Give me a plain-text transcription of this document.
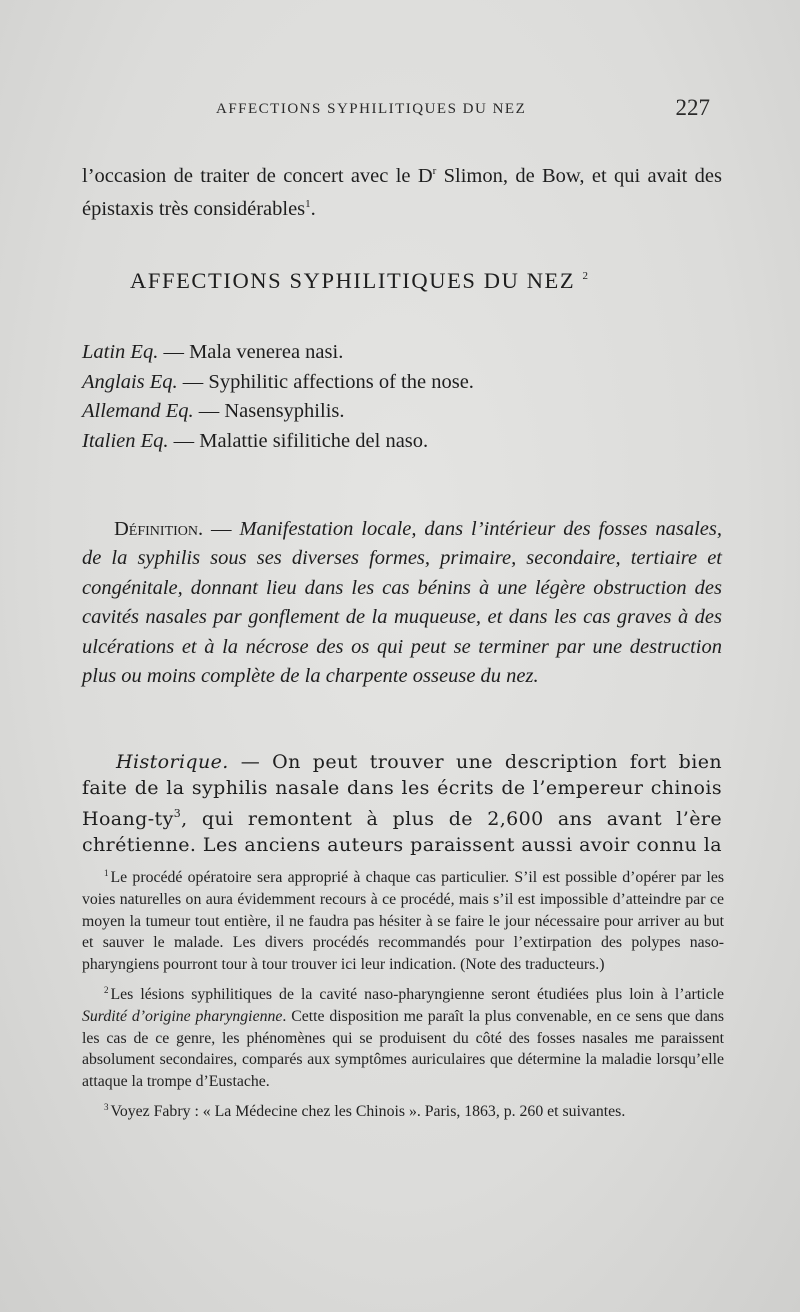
AFFECTIONS SYPHILITIQUES DU NEZ	227

l’occasion de traiter de concert avec le $D^r$ Slimon, de Bow, et qui avait des épistaxis très considérables$^1$.

AFFECTIONS SYPHILITIQUES DU NEZ $^2$
Latin Eq. — Mala venerea nasi.
Anglais Eq. — Syphilitic affections of the nose.
Allemand Eq. — Nasensyphilis.
Italien Eq. — Malattie sifilitiche del naso.

Définition. — Manifestation locale, dans l’intérieur des fosses nasales, de la syphilis sous ses diverses formes, primaire, secondaire, tertiaire et congénitale, donnant lieu dans les cas bénins à une légère obstruction des cavités nasales par gonflement de la muqueuse, et dans les cas graves à des ulcérations et à la nécrose des os qui peut se terminer par une destruction plus ou moins complète de la charpente osseuse du nez.

Historique. — On peut trouver une description fort bien faite de la syphilis nasale dans les écrits de l’empereur chinois Hoang-$ty^3$, qui remontent à plus de 2,600 ans avant l’ère chrétienne. Les anciens auteurs paraissent aussi avoir connu la

$^1$ Le procédé opératoire sera approprié à chaque cas particulier. S’il est possible d’opérer par les voies naturelles on aura évidemment recours à ce procédé, mais s’il est impossible d’atteindre par ce moyen la tumeur tout entière, il ne faudra pas hésiter à se faire le jour nécessaire pour arriver au but et sauver le malade. Les divers procédés recommandés pour l’extirpation des polypes naso-pharyngiens pourront tour à tour trouver ici leur indication. (Note des traducteurs.)

$^2$ Les lésions syphilitiques de la cavité naso-pharyngienne seront étudiées plus loin à l’article Surdité d’origine pharyngienne. Cette disposition me paraît la plus convenable, en ce sens que dans les cas de ce genre, les phénomènes qui se produisent du côté des fosses nasales me paraissent absolument secondaires, comparés aux symptômes auriculaires que détermine la maladie lorsqu’elle attaque la trompe d’Eustache.

$^3$ Voyez Fabry : « La Médecine chez les Chinois ». Paris, 1863, p. 260 et suivantes.
